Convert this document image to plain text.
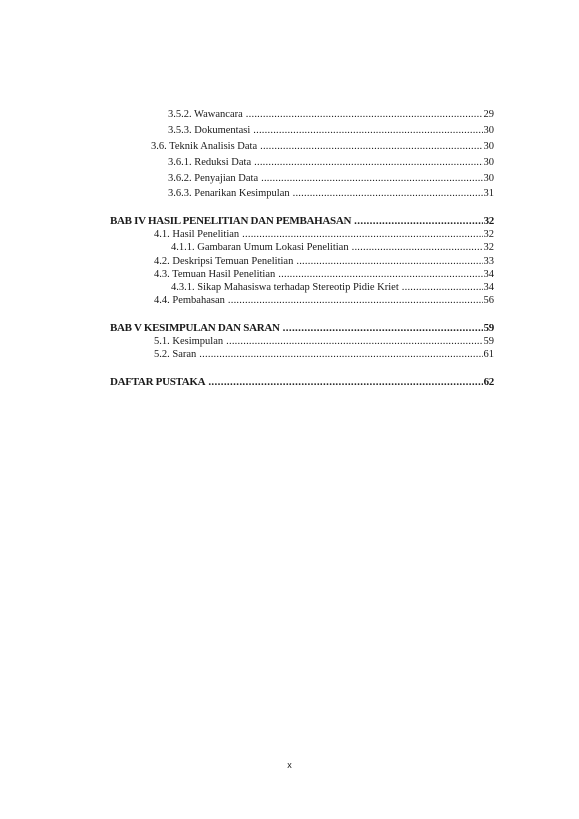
3.5.2. Wawancara . . .	29
3.5.3. Dokumentasi . . .	30
3.6. Teknik Analisis Data . . .	30
3.6.1. Reduksi Data . . .	30
3.6.2. Penyajian Data . . .	30
3.6.3. Penarikan Kesimpulan . . .	31
BAB IV HASIL PENELITIAN DAN PEMBAHASAN . . .	32
4.1. Hasil Penelitian . . .	32
4.1.1. Gambaran Umum Lokasi Penelitian . . .	32
4.2. Deskripsi Temuan Penelitian . . .	33
4.3. Temuan Hasil Penelitian . . .	34
4.3.1. Sikap Mahasiswa terhadap Stereotip Pidie Kriet . . .	34
4.4. Pembahasan . . .	56
BAB V KESIMPULAN DAN SARAN . . .	59
5.1. Kesimpulan . . .	59
5.2. Saran . . .	61
DAFTAR PUSTAKA . . .	62
x
